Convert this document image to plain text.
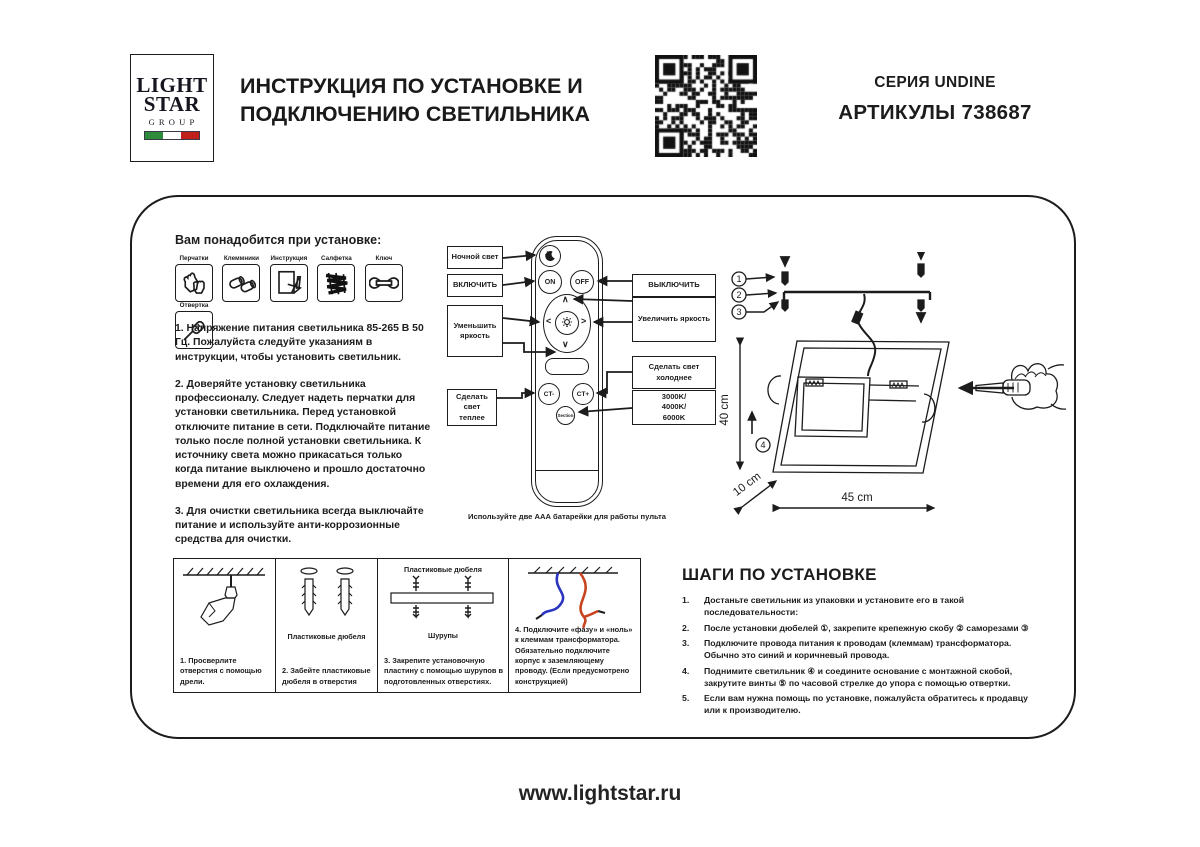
LIGHT
STAR
GROUP
ИНСТРУКЦИЯ ПО УСТАНОВКЕ И
ПОДКЛЮЧЕНИЮ СВЕТИЛЬНИКА
СЕРИЯ UNDINE
АРТИКУЛЫ 738687
Вам понадобится при установке:
Перчатки
	Клеммники
Инструкция
	Салфетка
	Ключ

Отвертка

1. Напряжение питания светильника 85-265 В 50 Гц. Пожалуйста следуйте указаниям в инструкции, чтобы установить светильник.

2. Доверяйте установку светильника профессионалу. Следует надеть перчатки для установки светильника. Перед установкой отключите питание в сети. Подключайте питание только после полной установки светильника. К источнику света можно прикасаться только когда питание выключено и прошло достаточно времени для его охлаждения.

3. Для очистки светильника всегда выключайте питание и используйте анти-коррозионные средства для очистки.

Ночной свет
ВКЛЮЧИТЬ
Уменьшить яркость
Сделать свет теплее
ВЫКЛЮЧИТЬ
Увеличить яркость
Сделать свет холоднее
3000K/
4000K/
6000K
ON	OFF
∧
∨
<	>
CT-	CT+
Section
Используйте две ААА батарейки для работы пульта
1
2
3
4
40 cm
10 cm	45 cm
1. Просверлите отверстия с помощью дрели.
Пластиковые дюбеля
2. Забейте пластиковые дюбеля в отверстия
Пластиковые дюбеля
Шурупы
3. Закрепите установочную пластину с помощью шурупов в подготовленных отверстиях.
4. Подключите «фазу» и «ноль» к клеммам трансформатора. Обязательно подключите корпус к заземляющему проводу. (Если предусмотрено конструкцией)
ШАГИ ПО УСТАНОВКЕ
1.	Достаньте светильник из упаковки и установите его в такой последовательности:
2.	После установки дюбелей ①, закрепите крепежную скобу ② саморезами ③
3.	Подключите провода питания к проводам (клеммам) трансформатора. Обычно это синий и коричневый провода.
4.	Поднимите светильник ④ и соедините основание с монтажной скобой, закрутите винты ⑤ по часовой стрелке до упора с помощью отвертки.
5.	Если вам нужна помощь по установке, пожалуйста обратитесь к продавцу или к производителю.
www.lightstar.ru
